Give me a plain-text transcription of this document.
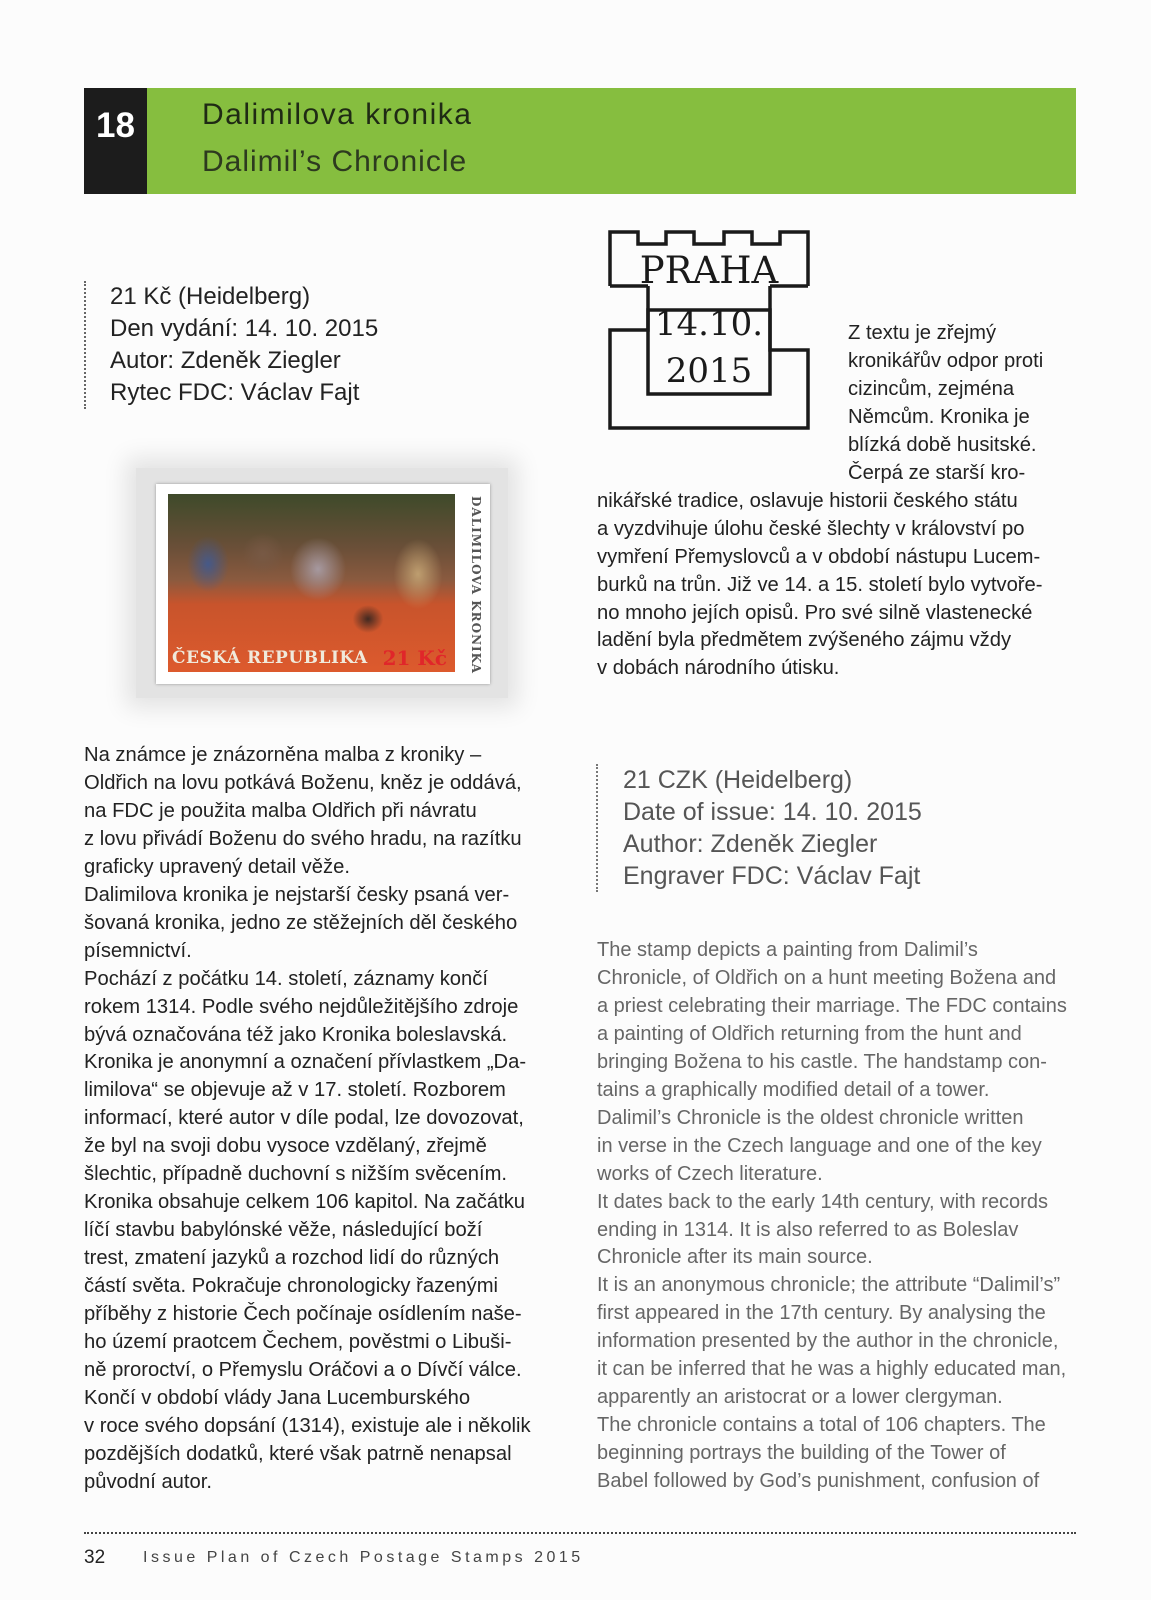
18	Dalimilova kronika
Dalimil’s Chronicle
21 Kč (Heidelberg)
Den vydání: 14. 10. 2015
Autor: Zdeněk Ziegler
Rytec FDC: Václav Fajt
PRAHA
14.10.
2015
ČESKÁ REPUBLIKA 21 Kč DALIMILOVA KRONIKA
Z textu je zřejmý
kronikářův odpor proti
cizincům, zejména
Němcům. Kronika je
blízká době husitské.
Čerpá ze starší kro-
nikářské tradice, oslavuje historii českého státu
a vyzdvihuje úlohu české šlechty v království po
vymření Přemyslovců a v období nástupu Lucem-
burků na trůn. Již ve 14. a 15. století bylo vytvoře-
no mnoho jejích opisů. Pro své silně vlastenecké
ladění byla předmětem zvýšeného zájmu vždy
v dobách národního útisku.
Na známce je znázorněna malba z kroniky –
Oldřich na lovu potkává Boženu, kněz je oddává,
na FDC je použita malba Oldřich při návratu
z lovu přivádí Boženu do svého hradu, na razítku
graficky upravený detail věže.
Dalimilova kronika je nejstarší česky psaná ver-
šovaná kronika, jedno ze stěžejních děl českého
písemnictví.
Pochází z počátku 14. století, záznamy končí
rokem 1314. Podle svého nejdůležitějšího zdroje
bývá označována též jako Kronika boleslavská.
Kronika je anonymní a označení přívlastkem „Da-
limilova“ se objevuje až v 17. století. Rozborem
informací, které autor v díle podal, lze dovozovat,
že byl na svoji dobu vysoce vzdělaný, zřejmě
šlechtic, případně duchovní s nižším svěcením.
Kronika obsahuje celkem 106 kapitol. Na začátku
líčí stavbu babylónské věže, následující boží
trest, zmatení jazyků a rozchod lidí do různých
částí světa. Pokračuje chronologicky řazenými
příběhy z historie Čech počínaje osídlením naše-
ho území praotcem Čechem, pověstmi o Libuši-
ně proroctví, o Přemyslu Oráčovi a o Dívčí válce.
Končí v období vlády Jana Lucemburského
v roce svého dopsání (1314), existuje ale i několik
pozdějších dodatků, které však patrně nenapsal
původní autor.
21 CZK (Heidelberg)
Date of issue: 14. 10. 2015
Author: Zdeněk Ziegler
Engraver FDC: Václav Fajt
The stamp depicts a painting from Dalimil’s
Chronicle, of Oldřich on a hunt meeting Božena and
a priest celebrating their marriage. The FDC contains
a painting of Oldřich returning from the hunt and
bringing Božena to his castle. The handstamp con-
tains a graphically modified detail of a tower.
Dalimil’s Chronicle is the oldest chronicle written
in verse in the Czech language and one of the key
works of Czech literature.
It dates back to the early 14th century, with records
ending in 1314. It is also referred to as Boleslav
Chronicle after its main source.
It is an anonymous chronicle; the attribute “Dalimil’s”
first appeared in the 17th century. By analysing the
information presented by the author in the chronicle,
it can be inferred that he was a highly educated man,
apparently an aristocrat or a lower clergyman.
The chronicle contains a total of 106 chapters. The
beginning portrays the building of the Tower of
Babel followed by God’s punishment, confusion of
32 Issue Plan of Czech Postage Stamps 2015
